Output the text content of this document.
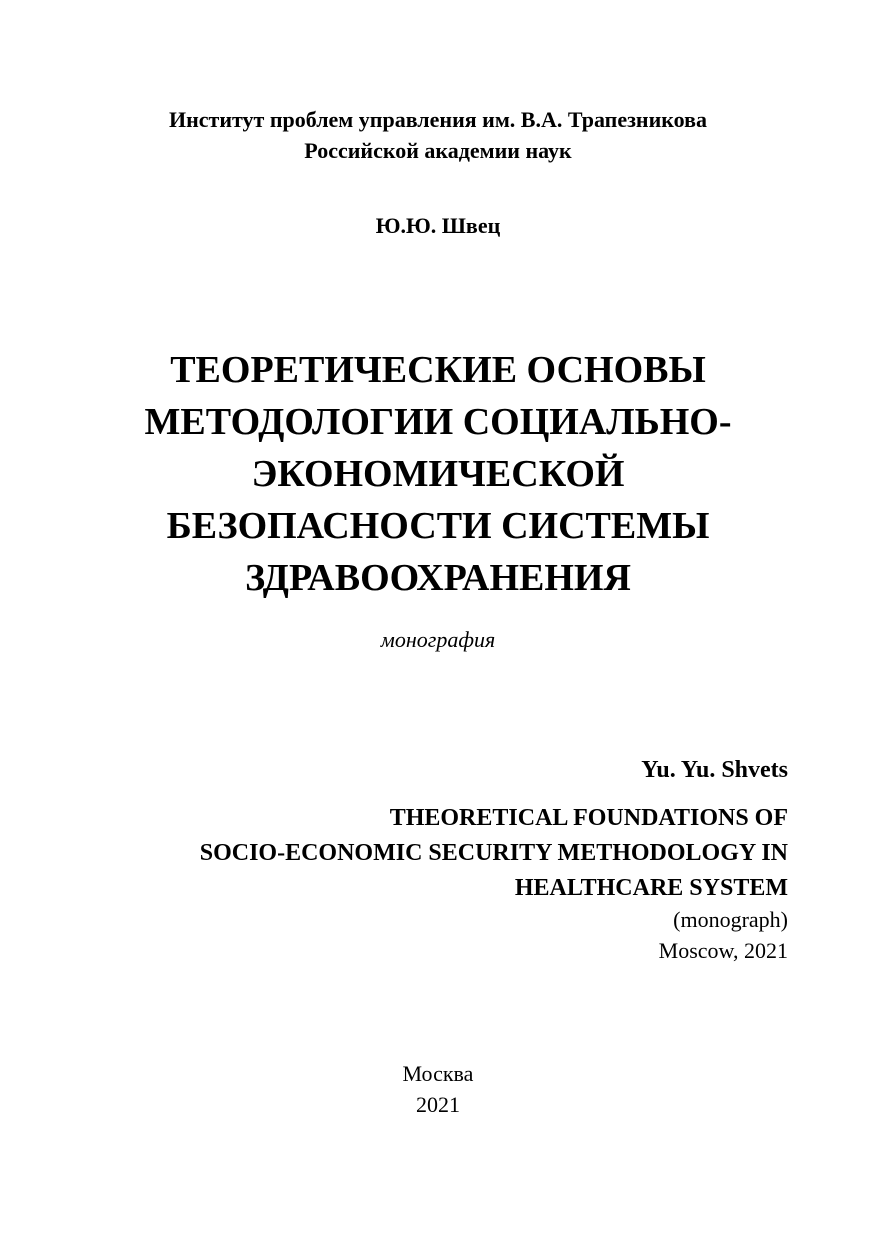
Институт проблем управления им. В.А. Трапезникова
Российской академии наук
Ю.Ю. Швец
ТЕОРЕТИЧЕСКИЕ ОСНОВЫ
МЕТОДОЛОГИИ СОЦИАЛЬНО-
ЭКОНОМИЧЕСКОЙ
БЕЗОПАСНОСТИ СИСТЕМЫ
ЗДРАВООХРАНЕНИЯ
монография
Yu. Yu. Shvets
THEORETICAL FOUNDATIONS OF
SOCIO-ECONOMIC SECURITY METHODOLOGY IN
HEALTHCARE SYSTEM
(monograph)
Moscow, 2021
Москва
2021
